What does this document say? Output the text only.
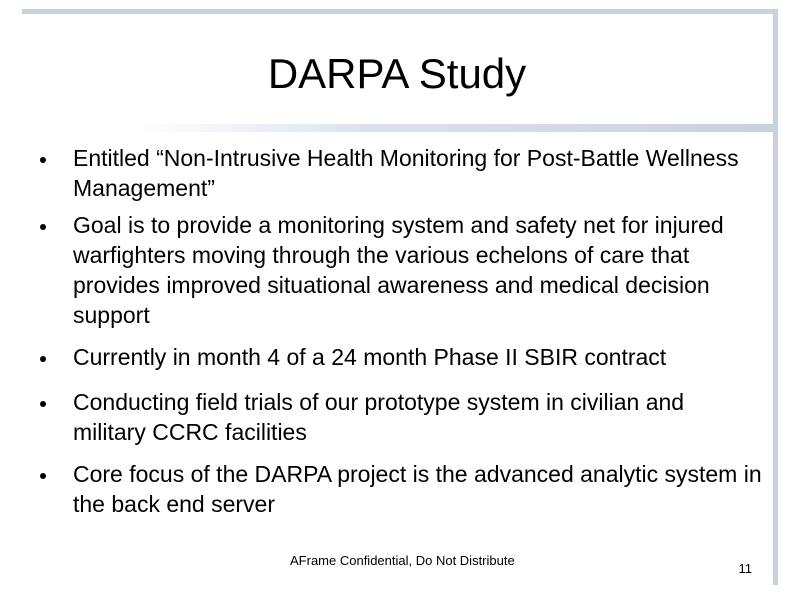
DARPA Study
Entitled “Non-Intrusive Health Monitoring for Post-Battle Wellness Management”
Goal is to provide a monitoring system and safety net for injured warfighters moving through the various echelons of care that provides improved situational awareness and medical decision support
Currently in month 4 of a 24 month Phase II SBIR contract
Conducting field trials of our prototype system in civilian and military CCRC facilities
Core focus of the DARPA project is the advanced analytic system in the back end server
AFrame Confidential, Do Not Distribute
11
